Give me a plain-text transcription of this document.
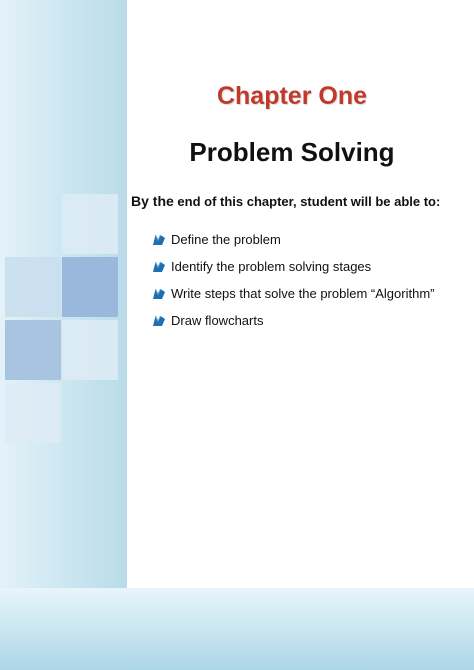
Chapter One
Problem Solving
By the end of this chapter, student will be able to:
Define the problem
Identify the problem solving stages
Write steps that solve the problem “Algorithm”
Draw flowcharts
